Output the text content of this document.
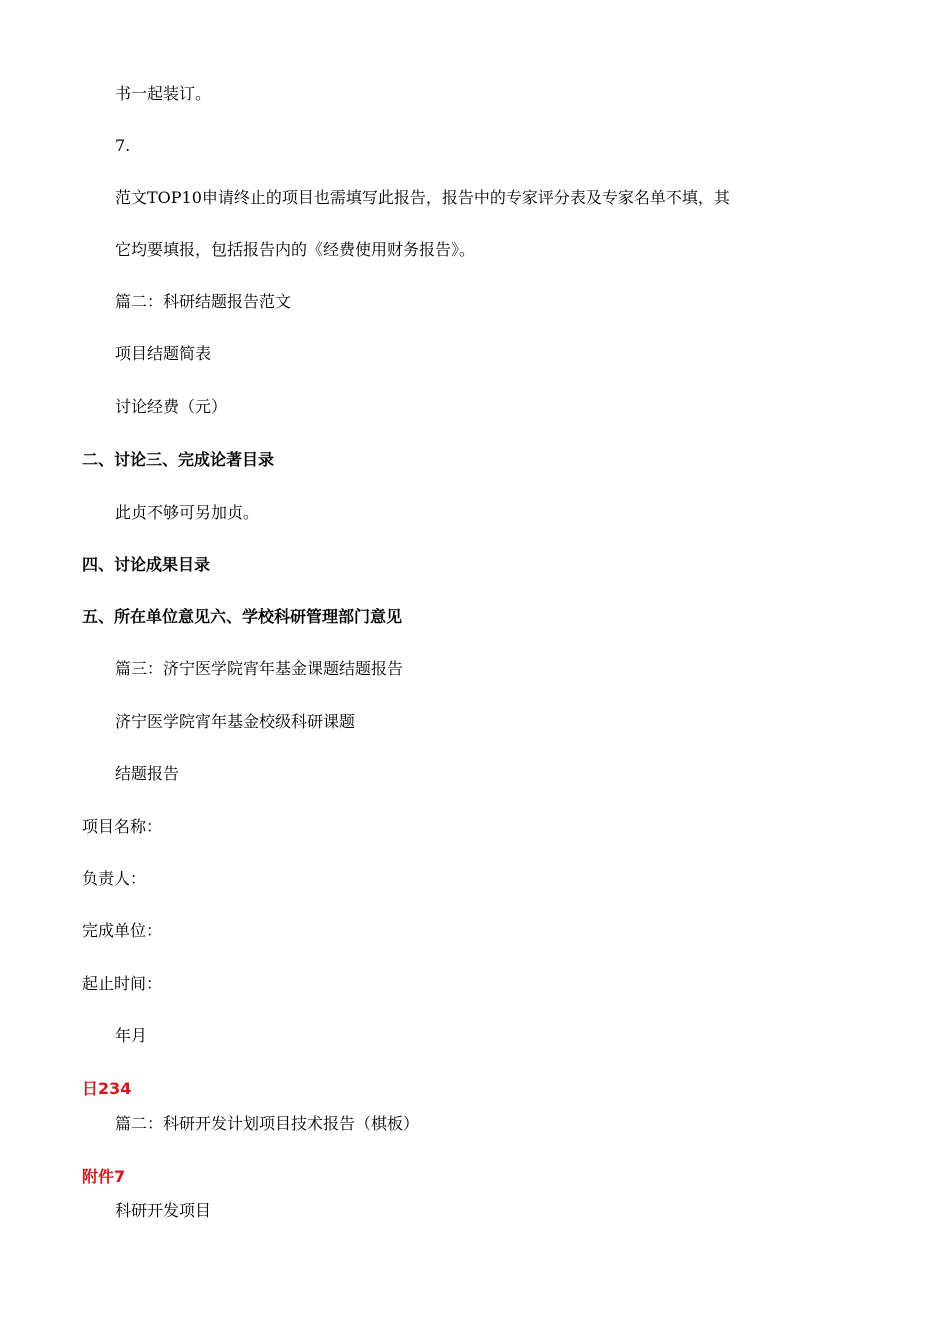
书一起装订。
7.
范文TOP10申请终止的项目也需填写此报告，报告中的专家评分表及专家名单不填，其
它均要填报，包括报告内的《经费使用财务报告》。
篇二：科研结题报告范文
项目结题简表
讨论经费（元）
二、讨论三、完成论著目录
此贞不够可另加贞。
四、讨论成果目录
五、所在单位意见六、学校科研管理部门意见
篇三：济宁医学院宵年基金课题结题报告
济宁医学院宵年基金校级科研课题
结题报告
项目名称：
负责人：
完成单位：
起止时间：
年月
日234
篇二：科研开发计划项目技术报告（棋板）
附件7
科研开发项目
